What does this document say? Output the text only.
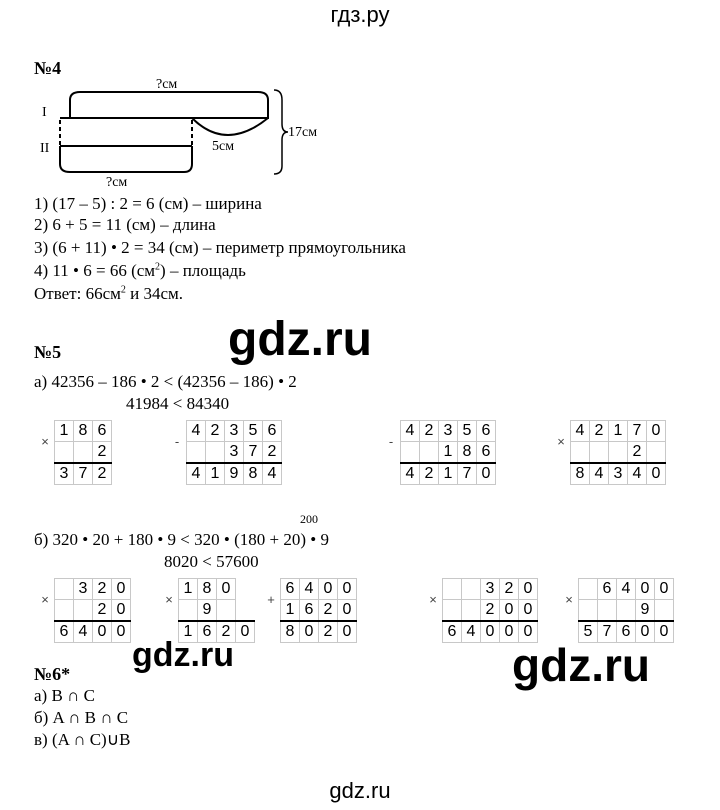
гдз.ру
№4
?см
?см
5см
17см
I
II
1) (17 – 5) : 2 = 6 (см) – ширина
2) 6 + 5 = 11 (см) – длина
3) (6 + 11) • 2 = 34 (см) – периметр прямоугольника
4) 11 • 6 = 66 $(см^2)$ – площадь
Ответ: $66см^2$ и 34см.
gdz.ru
№5
а) 42356 – 186 • 2 < (42356 – 186) • 2
41984 < 84340
×	1	8	6
			2
	3	7	2
-	4	2	3	5	6
			3	7	2
	4	1	9	8	4
-	4	2	3	5	6
			1	8	6
	4	2	1	7	0
×	4	2	1	7	0
				2	
	8	4	3	4	0
200
б) 320 • 20 + 180 • 9 < 320 • (180 + 20) • 9
8020 < 57600
×		3	2	0
			2	0
	6	4	0	0
×	1	8	0	
		9		
	1	6	2	0
+	6	4	0	0
	1	6	2	0
	8	0	2	0
×			3	2	0
			2	0	0
	6	4	0	0	0
×		6	4	0	0
				9	
	5	7	6	0	0
gdz.ru	gdz.ru
№6*
а) B ∩ C
б) A ∩ B ∩ C
в) (A ∩ C)∪B
gdz.ru
